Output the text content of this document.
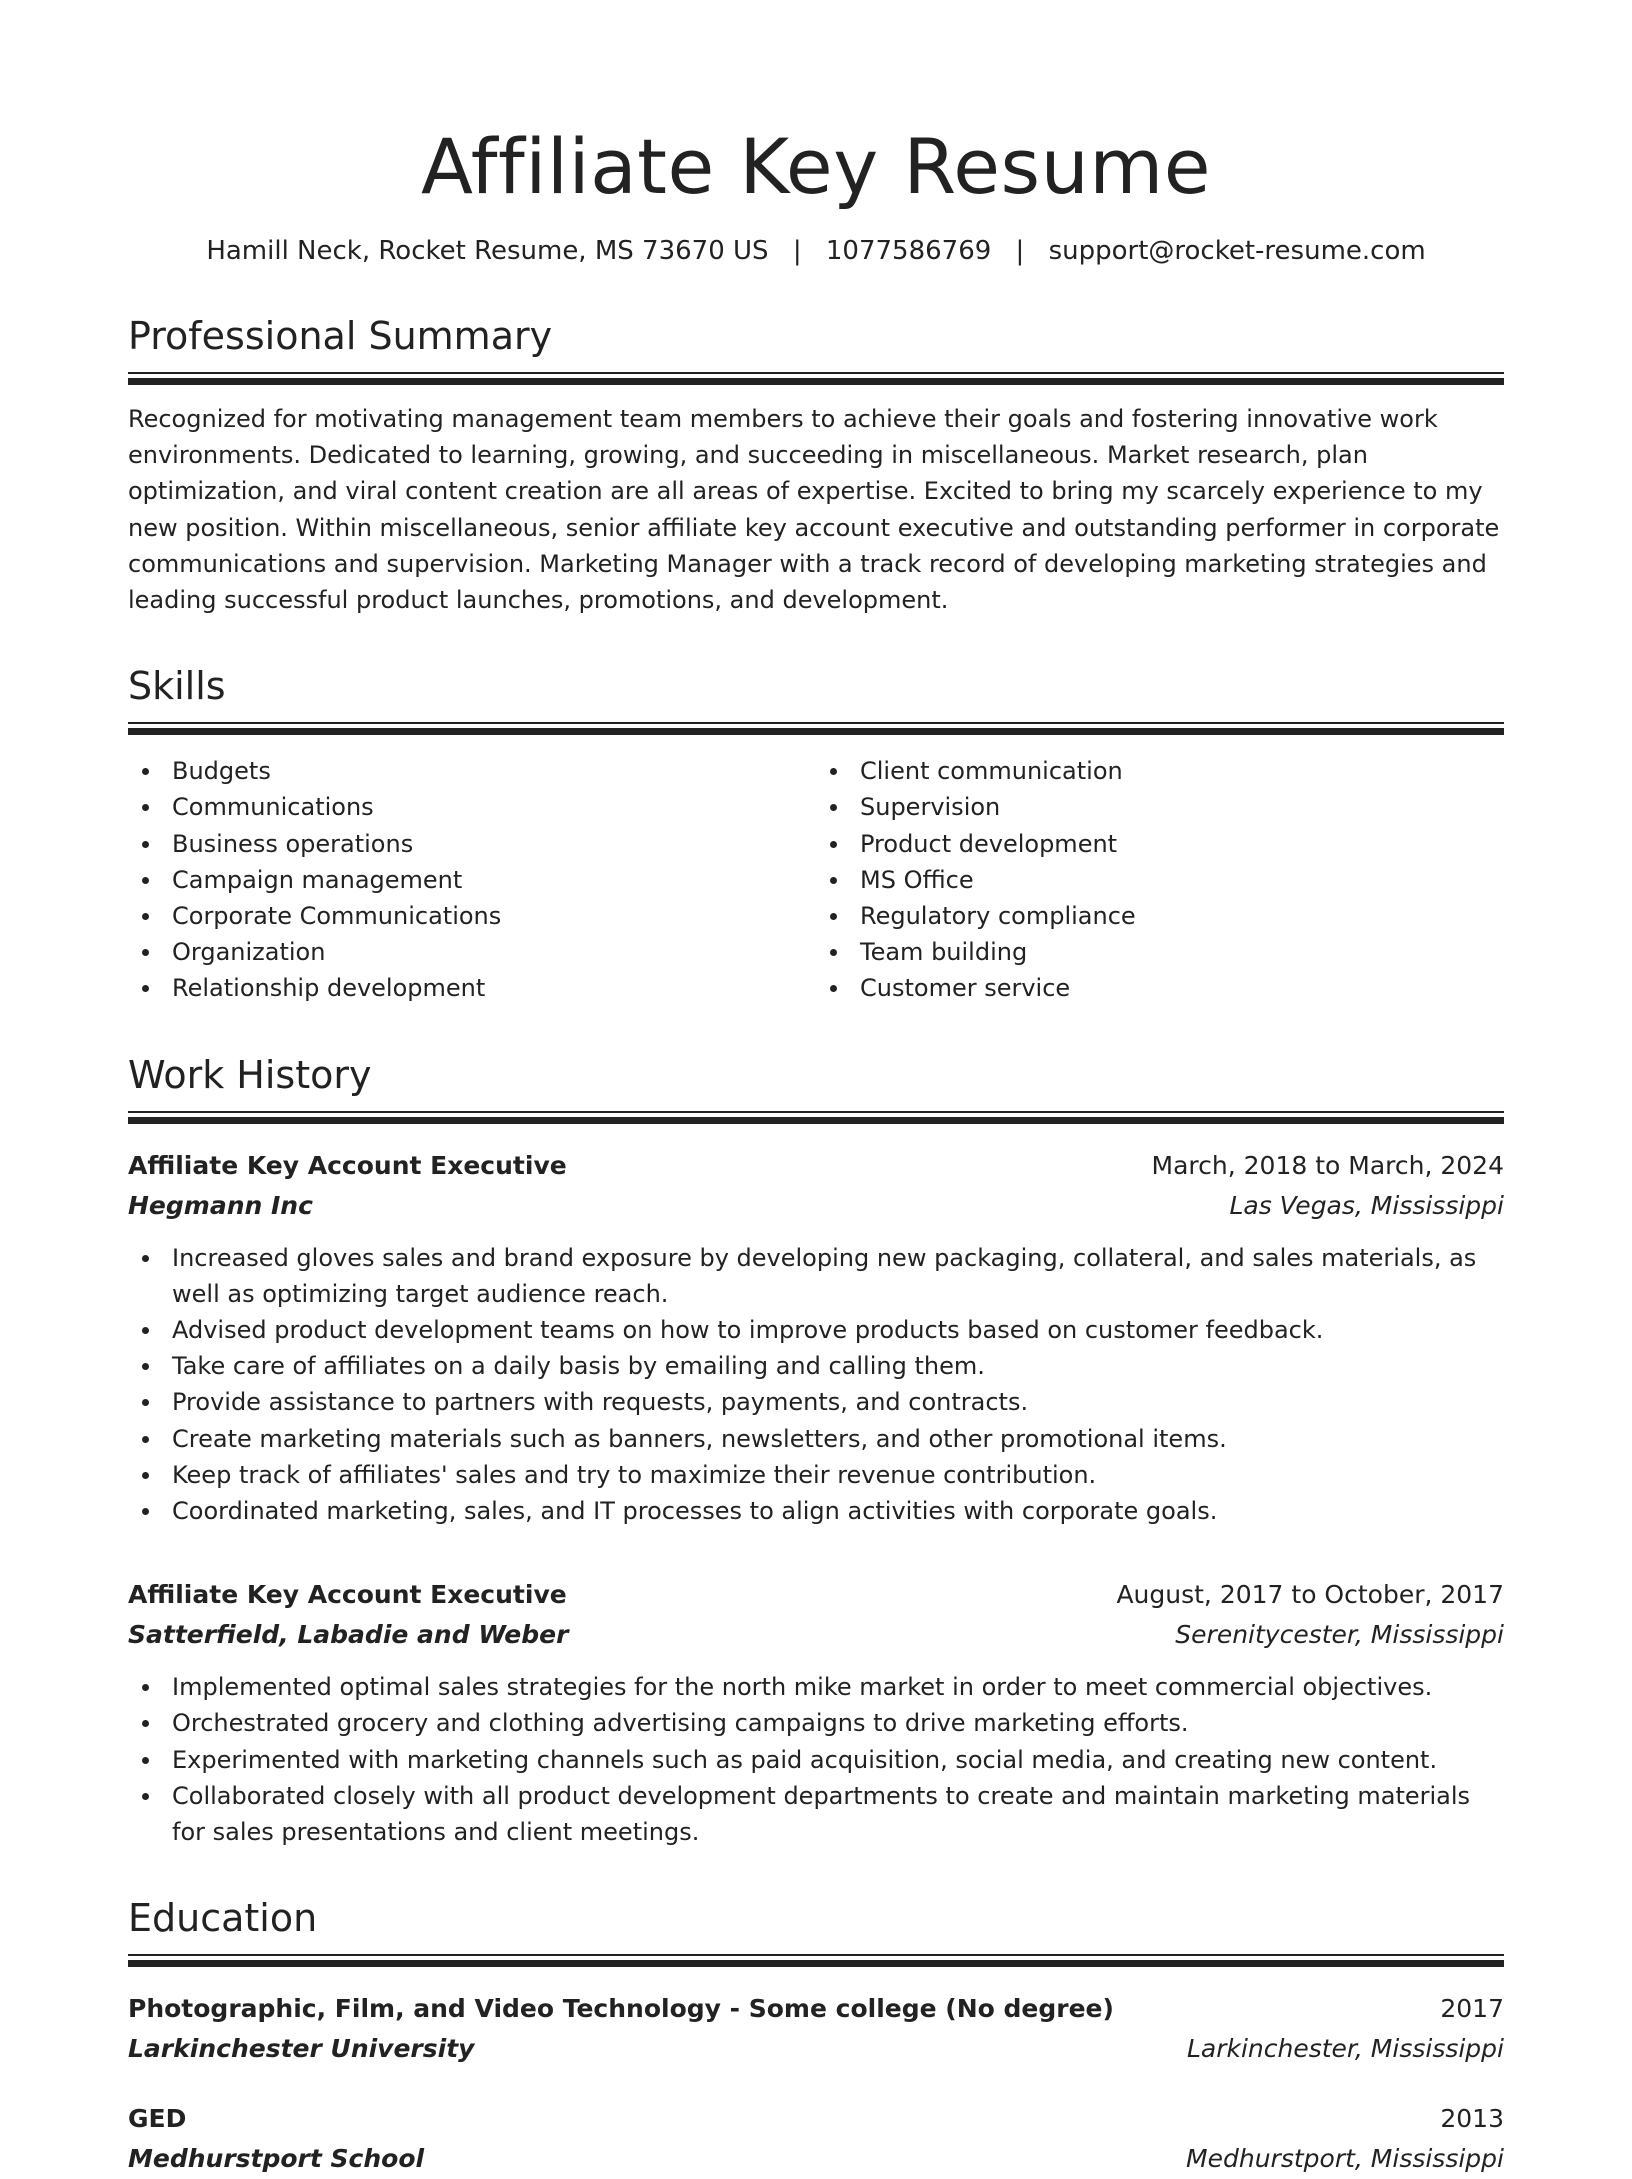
Affiliate Key Resume
Hamill Neck, Rocket Resume, MS 73670 US | 1077586769 | support@rocket-resume.com
Professional Summary

Recognized for motivating management team members to achieve their goals and fostering innovative work environments. Dedicated to learning, growing, and succeeding in miscellaneous. Market research, plan optimization, and viral content creation are all areas of expertise. Excited to bring my scarcely experience to my new position. Within miscellaneous, senior affiliate key account executive and outstanding performer in corporate communications and supervision. Marketing Manager with a track record of developing marketing strategies and leading successful product launches, promotions, and development.

Skills
Budgets
Communications
Business operations
Campaign management
Corporate Communications
Organization
Relationship development
Client communication
Supervision
Product development
MS Office
Regulatory compliance
Team building
Customer service
Work History
Affiliate Key Account Executive	March, 2018 to March, 2024
Hegmann Inc	Las Vegas, Mississippi
Increased gloves sales and brand exposure by developing new packaging, collateral, and sales materials, as well as optimizing target audience reach.
Advised product development teams on how to improve products based on customer feedback.
Take care of affiliates on a daily basis by emailing and calling them.
Provide assistance to partners with requests, payments, and contracts.
Create marketing materials such as banners, newsletters, and other promotional items.
Keep track of affiliates' sales and try to maximize their revenue contribution.
Coordinated marketing, sales, and IT processes to align activities with corporate goals.
Affiliate Key Account Executive	August, 2017 to October, 2017
Satterfield, Labadie and Weber	Serenitycester, Mississippi
Implemented optimal sales strategies for the north mike market in order to meet commercial objectives.
Orchestrated grocery and clothing advertising campaigns to drive marketing efforts.
Experimented with marketing channels such as paid acquisition, social media, and creating new content.
Collaborated closely with all product development departments to create and maintain marketing materials for sales presentations and client meetings.
Education
Photographic, Film, and Video Technology - Some college (No degree)	2017
Larkinchester University	Larkinchester, Mississippi
GED	2013
Medhurstport School	Medhurstport, Mississippi
